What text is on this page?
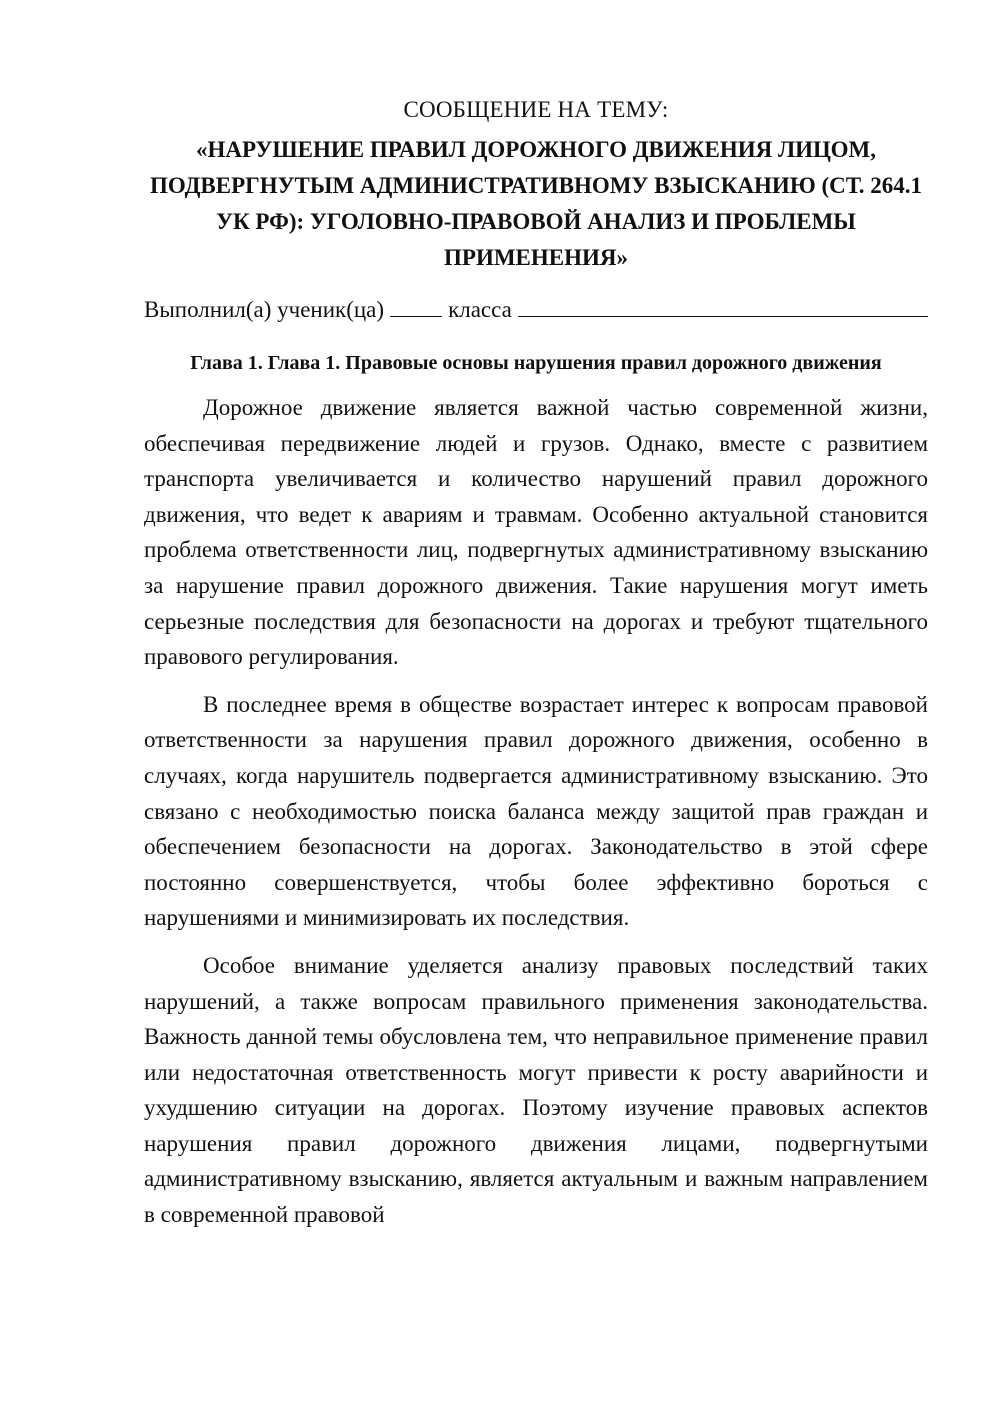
СООБЩЕНИЕ НА ТЕМУ:

«НАРУШЕНИЕ ПРАВИЛ ДОРОЖНОГО ДВИЖЕНИЯ ЛИЦОМ, ПОДВЕРГНУТЫМ АДМИНИСТРАТИВНОМУ ВЗЫСКАНИЮ (СТ. 264.1 УК РФ): УГОЛОВНО-ПРАВОВОЙ АНАЛИЗ И ПРОБЛЕМЫ ПРИМЕНЕНИЯ»

Выполнил(а) ученик(ца)	класса

Глава 1. Глава 1. Правовые основы нарушения правил дорожного движения

Дорожное движение является важной частью современной жизни, обеспечивая передвижение людей и грузов. Однако, вместе с развитием транспорта увеличивается и количество нарушений правил дорожного движения, что ведет к авариям и травмам. Особенно актуальной становится проблема ответственности лиц, подвергнутых административному взысканию за нарушение правил дорожного движения. Такие нарушения могут иметь серьезные последствия для безопасности на дорогах и требуют тщательного правового регулирования.

В последнее время в обществе возрастает интерес к вопросам правовой ответственности за нарушения правил дорожного движения, особенно в случаях, когда нарушитель подвергается административному взысканию. Это связано с необходимостью поиска баланса между защитой прав граждан и обеспечением безопасности на дорогах. Законодательство в этой сфере постоянно совершенствуется, чтобы более эффективно бороться с нарушениями и минимизировать их последствия.

Особое внимание уделяется анализу правовых последствий таких нарушений, а также вопросам правильного применения законодательства. Важность данной темы обусловлена тем, что неправильное применение правил или недостаточная ответственность могут привести к росту аварийности и ухудшению ситуации на дорогах. Поэтому изучение правовых аспектов нарушения правил дорожного движения лицами, подвергнутыми административному взысканию, является актуальным и важным направлением в современной правовой
